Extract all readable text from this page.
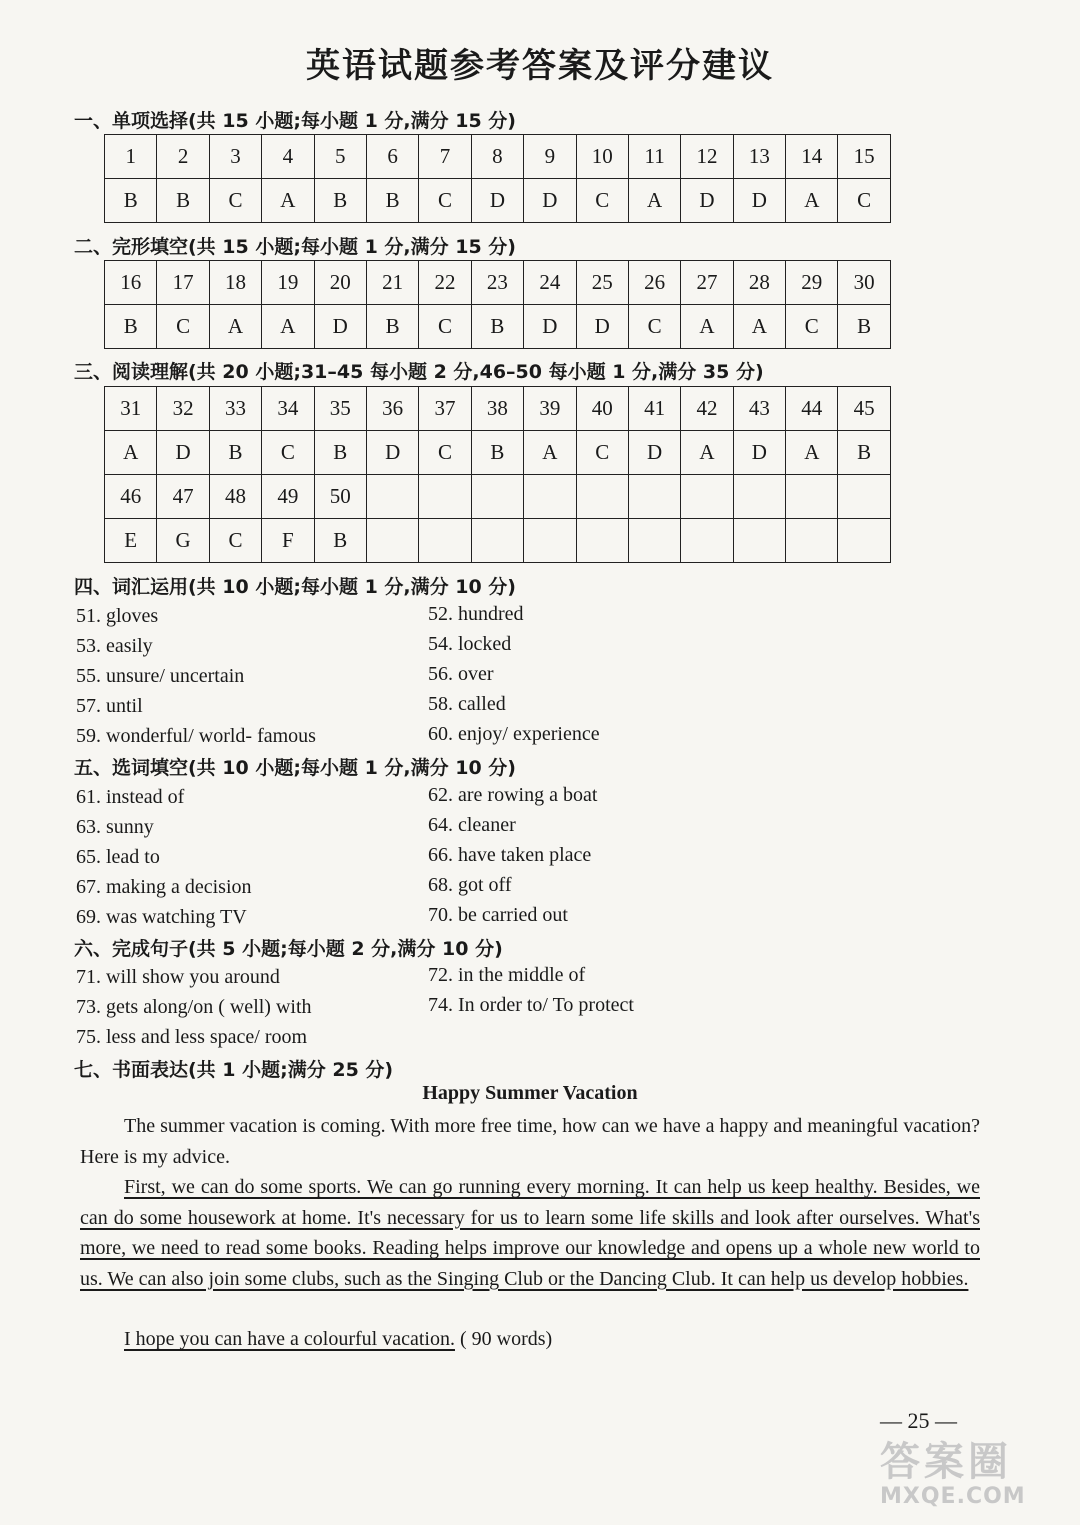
英语试题参考答案及评分建议
一、单项选择(共 15 小题;每小题 1 分,满分 15 分)
1	2	3	4	5	6	7	8	9	10	11	12	13	14	15
B	B	C	A	B	B	C	D	D	C	A	D	D	A	C
二、完形填空(共 15 小题;每小题 1 分,满分 15 分)
16	17	18	19	20	21	22	23	24	25	26	27	28	29	30
B	C	A	A	D	B	C	B	D	D	C	A	A	C	B
三、阅读理解(共 20 小题;31–45 每小题 2 分,46–50 每小题 1 分,满分 35 分)
31	32	33	34	35	36	37	38	39	40	41	42	43	44	45
A	D	B	C	B	D	C	B	A	C	D	A	D	A	B
46	47	48	49	50										
E	G	C	F	B										
四、词汇运用(共 10 小题;每小题 1 分,满分 10 分)
51. gloves	52. hundred
53. easily	54. locked
55. unsure/ uncertain	56. over
57. until	58. called
59. wonderful/ world- famous	60. enjoy/ experience
五、选词填空(共 10 小题;每小题 1 分,满分 10 分)
61. instead of	62. are rowing a boat
63. sunny	64. cleaner
65. lead to	66. have taken place
67. making a decision	68. got off
69. was watching TV	70. be carried out
六、完成句子(共 5 小题;每小题 2 分,满分 10 分)
71. will show you around	72. in the middle of
73. gets along/on ( well) with	74. In order to/ To protect
75. less and less space/ room
七、书面表达(共 1 小题;满分 25 分)
Happy Summer Vacation
The summer vacation is coming. With more free time, how can we have a happy and meaningful vacation? Here is my advice.
First, we can do some sports. We can go running every morning. It can help us keep healthy. Besides, we can do some housework at home. It's necessary for us to learn some life skills and look after ourselves. What's more, we need to read some books. Reading helps improve our knowledge and opens up a whole new world to us. We can also join some clubs, such as the Singing Club or the Dancing Club. It can help us develop hobbies.
I hope you can have a colourful vacation. ( 90 words)
— 25 —
答案圈
MXQE.COM
